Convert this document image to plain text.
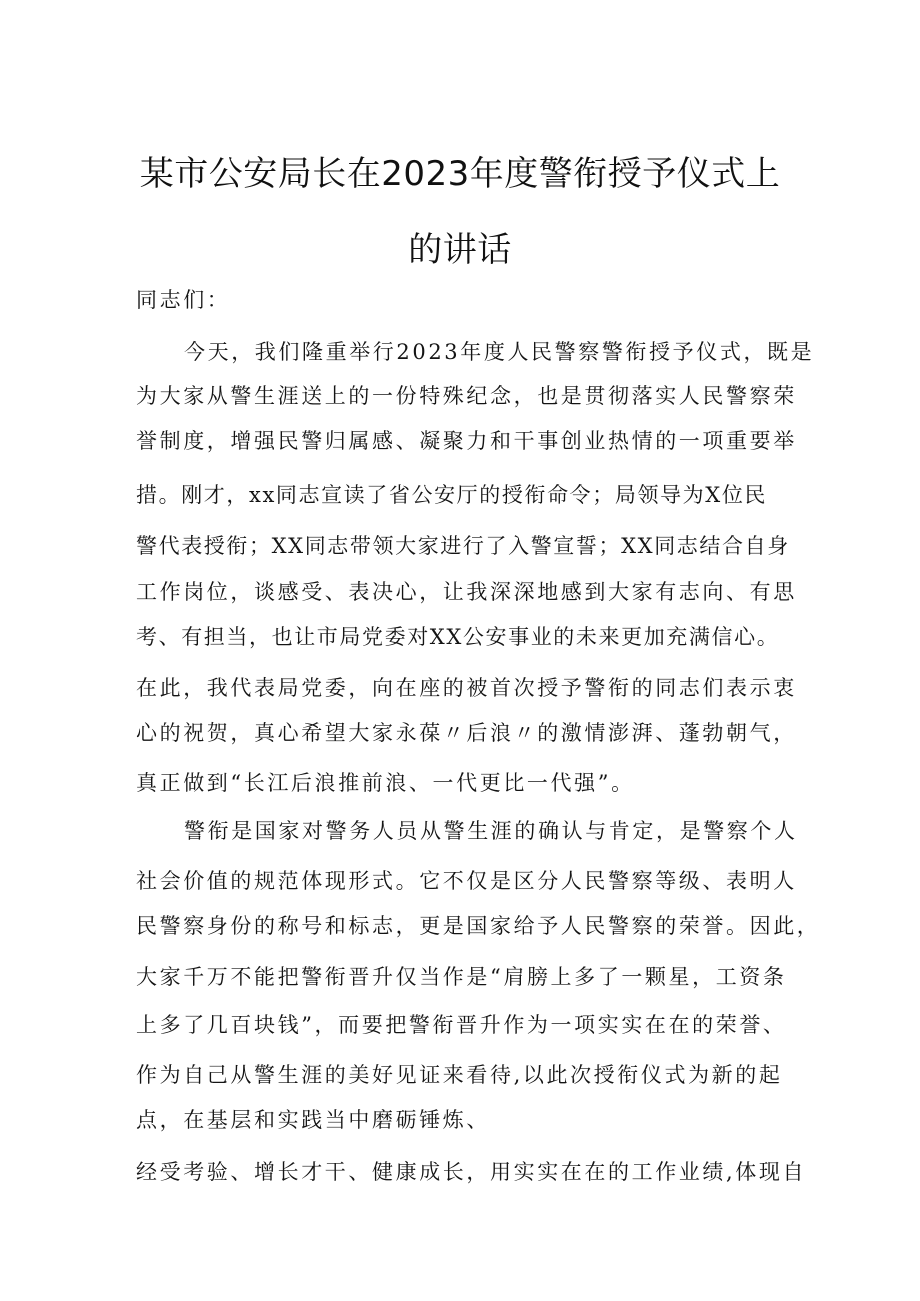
某市公安局长在2023年度警衔授予仪式上
的讲话
同志们：
今天，我们隆重举行2023年度人民警察警衔授予仪式，既是
为大家从警生涯送上的一份特殊纪念，也是贯彻落实人民警察荣
誉制度，增强民警归属感、凝聚力和干事创业热情的一项重要举
措。刚才，xx同志宣读了省公安厅的授衔命令；局领导为X位民
警代表授衔；XX同志带领大家进行了入警宣誓；XX同志结合自身
工作岗位，谈感受、表决心，让我深深地感到大家有志向、有思
考、有担当，也让市局党委对XX公安事业的未来更加充满信心。
在此，我代表局党委，向在座的被首次授予警衔的同志们表示衷
心的祝贺，真心希望大家永葆〃后浪〃的激情澎湃、蓬勃朝气，
真正做到“长江后浪推前浪、一代更比一代强”。
警衔是国家对警务人员从警生涯的确认与肯定，是警察个人
社会价值的规范体现形式。它不仅是区分人民警察等级、表明人
民警察身份的称号和标志，更是国家给予人民警察的荣誉。因此，
大家千万不能把警衔晋升仅当作是“肩膀上多了一颗星，工资条
上多了几百块钱”，而要把警衔晋升作为一项实实在在的荣誉、
作为自己从警生涯的美好见证来看待,以此次授衔仪式为新的起
点，在基层和实践当中磨砺锤炼、
经受考验、增长才干、健康成长，用实实在在的工作业绩,体现自
